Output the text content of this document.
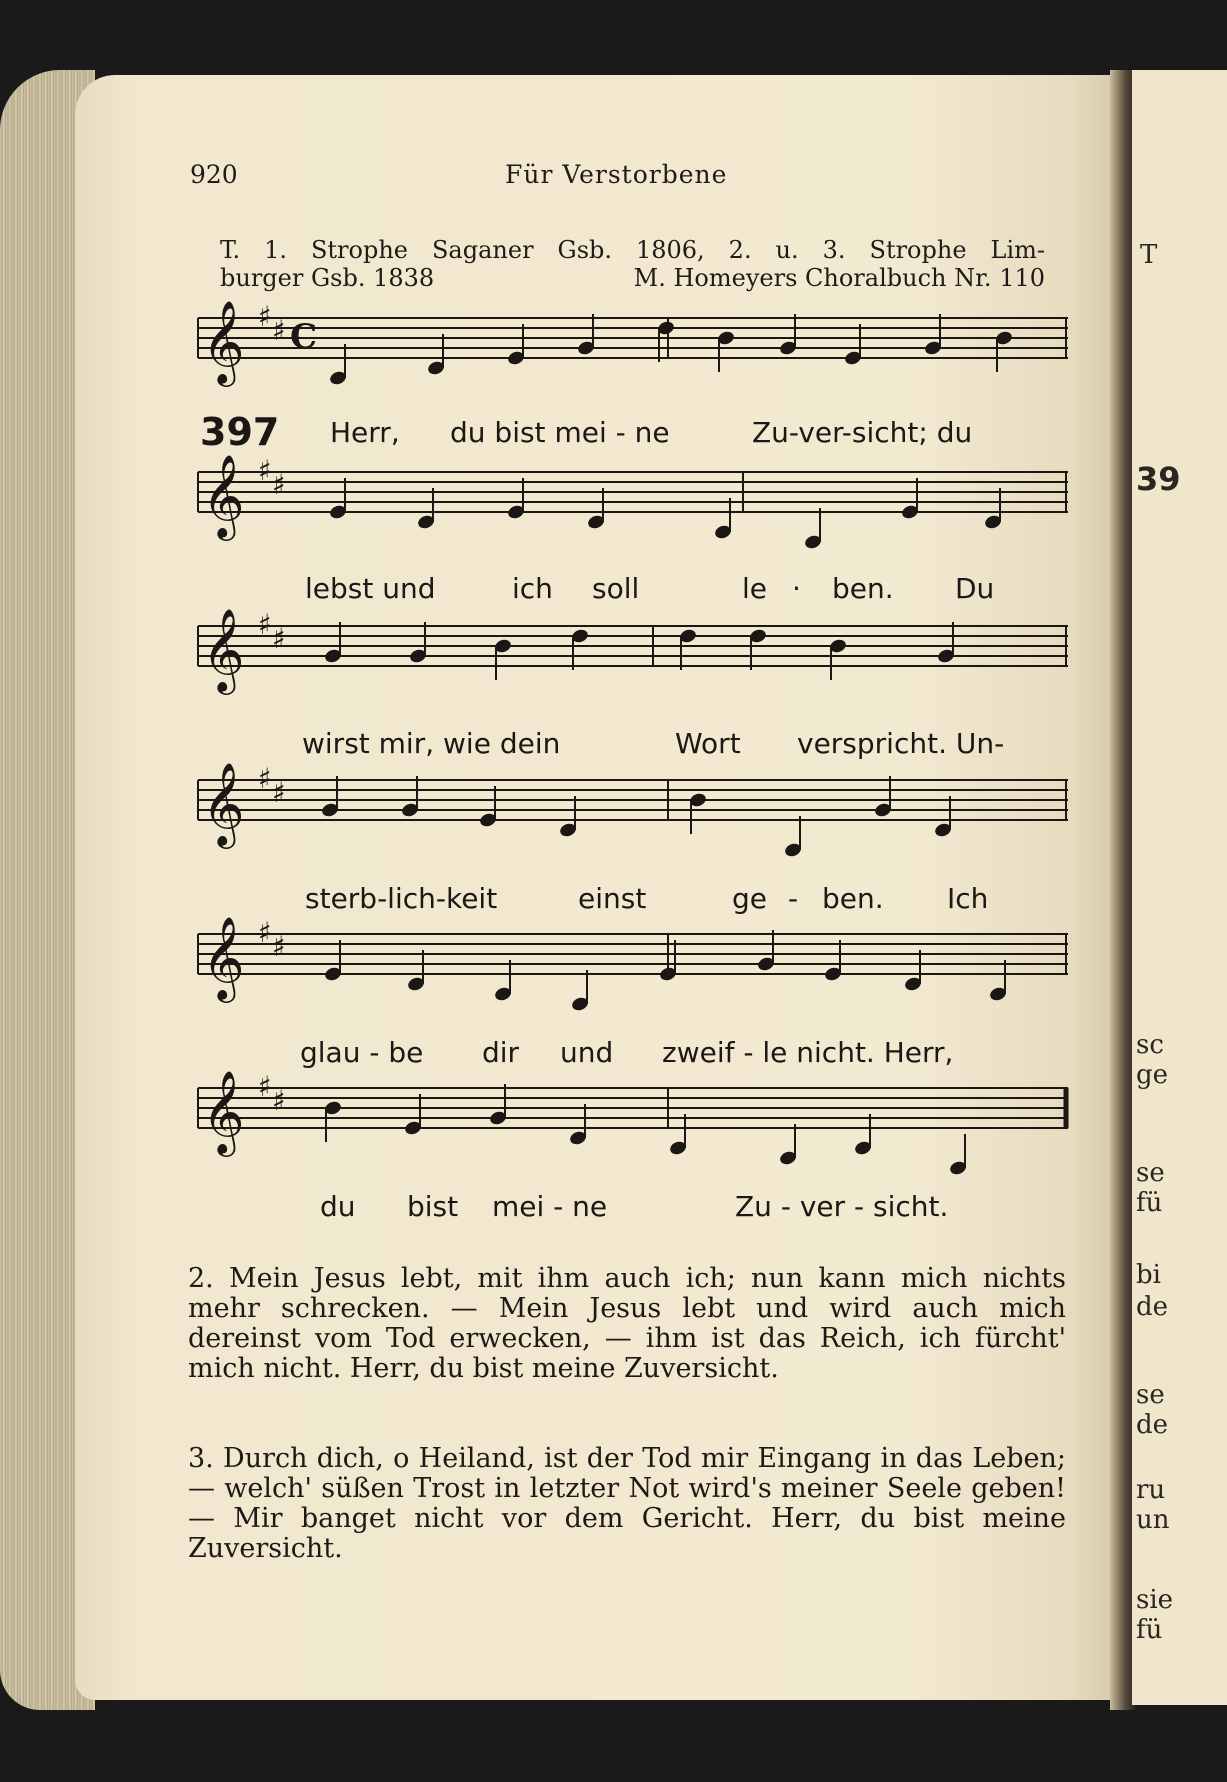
T
39
sc
ge
se
fü
bi
de
se
de
ru
un
sie
fü
920	Für Verstorbene
T. 1. Strophe Saganer Gsb. 1806, 2. u. 3. Strophe Lim-
burger Gsb. 1838	M. Homeyers Choralbuch Nr. 110
397
𝄞 ♯ ♯ C
𝄞 ♯ ♯
𝄞 ♯ ♯
𝄞 ♯ ♯
𝄞 ♯ ♯
𝄞 ♯ ♯
Herr, du bist mei - ne	Zu-ver-sicht; du
lebst und	ich soll	le · ben. Du
wirst mir, wie dein	Wort verspricht. Un-
sterb-lich-keit	einst	ge - ben. Ich
glau - be dir und zweif - le nicht. Herr,
du bist mei - ne	Zu - ver - sicht.
2. Mein Jesus lebt, mit ihm auch ich; nun kann mich nichts mehr schrecken. — Mein Jesus lebt und wird auch mich dereinst vom Tod erwecken, — ihm ist das Reich, ich fürcht' mich nicht. Herr, du bist meine Zuversicht.
3. Durch dich, o Heiland, ist der Tod mir Eingang in das Leben; — welch' süßen Trost in letzter Not wird's meiner Seele geben! — Mir banget nicht vor dem Gericht. Herr, du bist meine Zuversicht.
